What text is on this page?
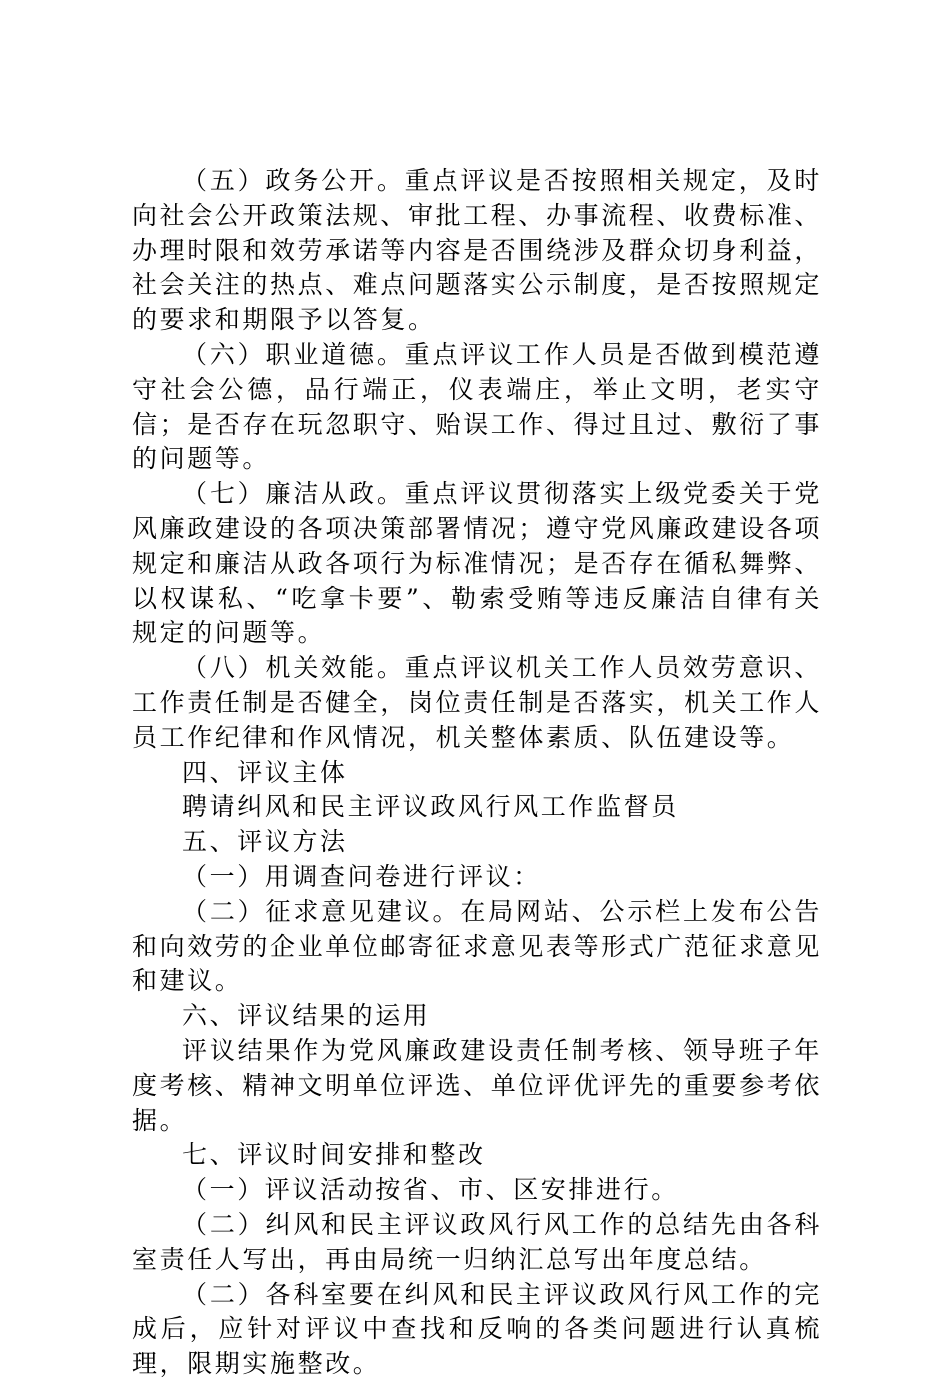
（五）政务公开。重点评议是否按照相关规定，及时向社会公开政策法规、审批工程、办事流程、收费标准、办理时限和效劳承诺等内容是否围绕涉及群众切身利益，社会关注的热点、难点问题落实公示制度，是否按照规定的要求和期限予以答复。

（六）职业道德。重点评议工作人员是否做到模范遵守社会公德，品行端正，仪表端庄，举止文明，老实守信；是否存在玩忽职守、贻误工作、得过且过、敷衍了事的问题等。

（七）廉洁从政。重点评议贯彻落实上级党委关于党风廉政建设的各项决策部署情况；遵守党风廉政建设各项规定和廉洁从政各项行为标准情况；是否存在循私舞弊、以权谋私、“吃拿卡要”、勒索受贿等违反廉洁自律有关规定的问题等。

（八）机关效能。重点评议机关工作人员效劳意识、工作责任制是否健全，岗位责任制是否落实，机关工作人员工作纪律和作风情况，机关整体素质、队伍建设等。

四、评议主体

聘请纠风和民主评议政风行风工作监督员

五、评议方法

（一）用调查问卷进行评议：

（二）征求意见建议。在局网站、公示栏上发布公告和向效劳的企业单位邮寄征求意见表等形式广范征求意见和建议。

六、评议结果的运用

评议结果作为党风廉政建设责任制考核、领导班子年度考核、精神文明单位评选、单位评优评先的重要参考依据。

七、评议时间安排和整改

（一）评议活动按省、市、区安排进行。

（二）纠风和民主评议政风行风工作的总结先由各科室责任人写出，再由局统一归纳汇总写出年度总结。

（二）各科室要在纠风和民主评议政风行风工作的完成后，应针对评议中查找和反响的各类问题进行认真梳理，限期实施整改。
